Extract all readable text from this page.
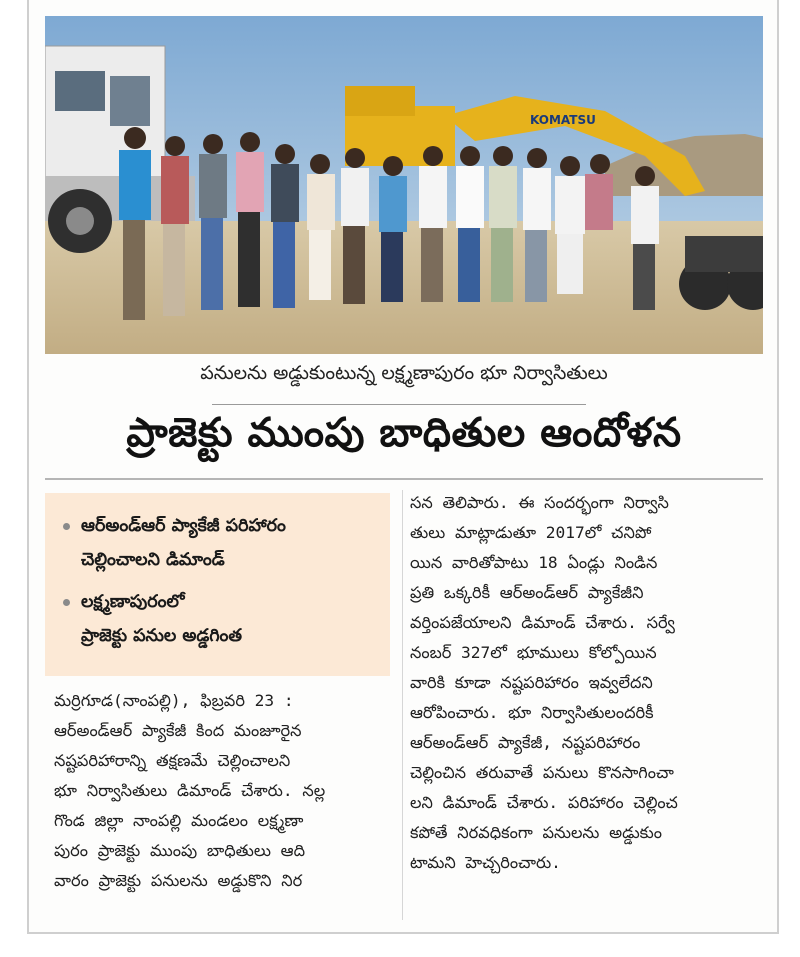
KOMATSU
పనులను అడ్డుకుంటున్న లక్ష్మణాపురం భూ నిర్వాసితులు
ప్రాజెక్టు ముంపు బాధితుల ఆందోళన
ఆర్‌అండ్‌ఆర్ ప్యాకేజీ పరిహారం
చెల్లించాలని డిమాండ్
లక్ష్మణాపురంలో
ప్రాజెక్టు పనుల అడ్డగింత

మర్రిగూడ(నాంపల్లి), ఫిబ్రవరి 23 :

ఆర్‌అండ్‌ఆర్ ప్యాకేజీ కింద మంజూరైన

నష్టపరిహారాన్ని తక్షణమే చెల్లించాలని

భూ నిర్వాసితులు డిమాండ్ చేశారు. నల్ల

గొండ జిల్లా నాంపల్లి మండలం లక్ష్మణా

పురం ప్రాజెక్టు ముంపు బాధితులు ఆది

వారం ప్రాజెక్టు పనులను అడ్డుకొని నిర

సన తెలిపారు. ఈ సందర్భంగా నిర్వాసి

తులు మాట్లాడుతూ 2017లో చనిపో

యిన వారితోపాటు 18 ఏండ్లు నిండిన

ప్రతి ఒక్కరికీ ఆర్‌అండ్‌ఆర్ ప్యాకేజీని

వర్తింపజేయాలని డిమాండ్ చేశారు. సర్వే

నంబర్ 327లో భూములు కోల్పోయిన

వారికి కూడా నష్టపరిహారం ఇవ్వలేదని

ఆరోపించారు. భూ నిర్వాసితులందరికీ

ఆర్‌అండ్‌ఆర్ ప్యాకేజీ, నష్టపరిహారం

చెల్లించిన తరువాతే పనులు కొనసాగించా

లని డిమాండ్ చేశారు. పరిహారం చెల్లించ

కపోతే నిరవధికంగా పనులను అడ్డుకుం

టామని హెచ్చరించారు.
